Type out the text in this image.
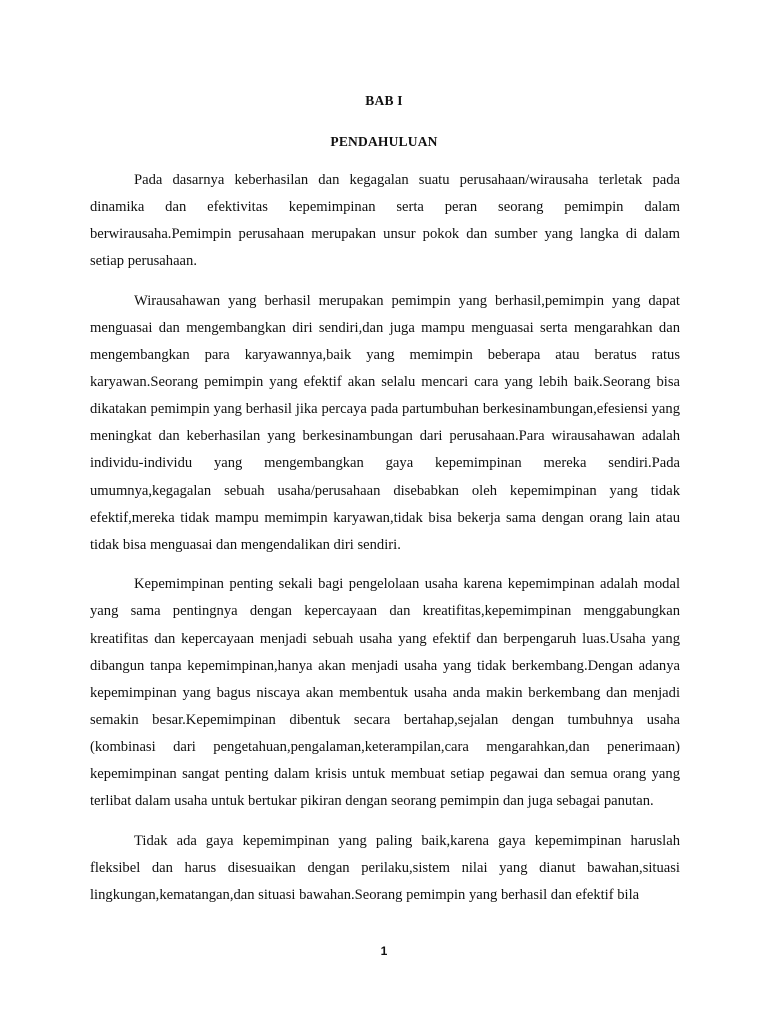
BAB I
PENDAHULUAN

Pada dasarnya keberhasilan dan kegagalan suatu perusahaan/wirausaha terletak pada dinamika dan efektivitas kepemimpinan serta peran seorang pemimpin dalam berwirausaha.Pemimpin perusahaan merupakan unsur pokok dan sumber yang langka di dalam setiap perusahaan.

Wirausahawan yang berhasil merupakan pemimpin yang berhasil,pemimpin yang dapat menguasai dan mengembangkan diri sendiri,dan juga mampu menguasai serta mengarahkan dan mengembangkan para karyawannya,baik yang memimpin beberapa atau beratus ratus karyawan.Seorang pemimpin yang efektif akan selalu mencari cara yang lebih baik.Seorang bisa dikatakan pemimpin yang berhasil jika percaya pada partumbuhan berkesinambungan,efesiensi yang meningkat dan keberhasilan yang berkesinambungan dari perusahaan.Para wirausahawan adalah individu-individu yang mengembangkan gaya kepemimpinan mereka sendiri.Pada umumnya,kegagalan sebuah usaha/perusahaan disebabkan oleh kepemimpinan yang tidak efektif,mereka tidak mampu memimpin karyawan,tidak bisa bekerja sama dengan orang lain atau tidak bisa menguasai dan mengendalikan diri sendiri.

Kepemimpinan penting sekali bagi pengelolaan usaha karena kepemimpinan adalah modal yang sama pentingnya dengan kepercayaan dan kreatifitas,kepemimpinan menggabungkan kreatifitas dan kepercayaan menjadi sebuah usaha yang efektif dan berpengaruh luas.Usaha yang dibangun tanpa kepemimpinan,hanya akan menjadi usaha yang tidak berkembang.Dengan adanya kepemimpinan yang bagus niscaya akan membentuk usaha anda makin berkembang dan menjadi semakin besar.Kepemimpinan dibentuk secara bertahap,sejalan dengan tumbuhnya usaha (kombinasi dari pengetahuan,pengalaman,keterampilan,cara mengarahkan,dan penerimaan) kepemimpinan sangat penting dalam krisis untuk membuat setiap pegawai dan semua orang yang terlibat dalam usaha untuk bertukar pikiran dengan seorang pemimpin dan juga sebagai panutan.

Tidak ada gaya kepemimpinan yang paling baik,karena gaya kepemimpinan haruslah fleksibel dan harus disesuaikan dengan perilaku,sistem nilai yang dianut bawahan,situasi lingkungan,kematangan,dan situasi bawahan.Seorang pemimpin yang berhasil dan efektif bila

1
